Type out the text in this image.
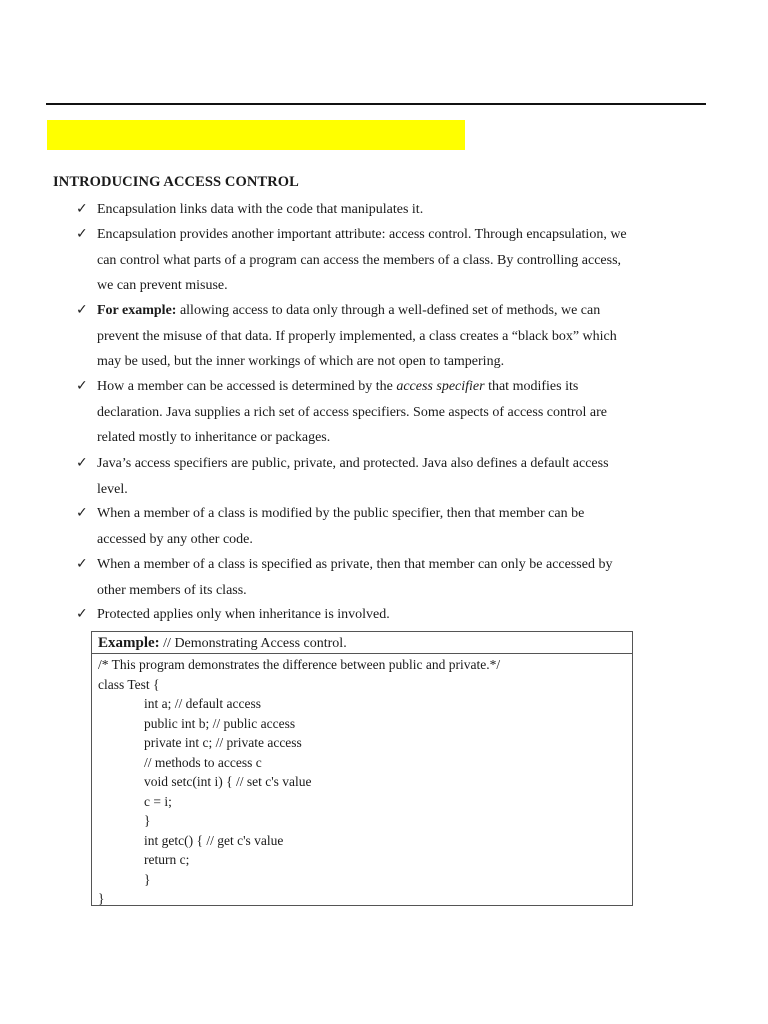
INTRODUCING ACCESS CONTROL
✓ Encapsulation links data with the code that manipulates it.
✓ Encapsulation provides another important attribute: access control. Through encapsulation, we can control what parts of a program can access the members of a class. By controlling access, we can prevent misuse.
✓ For example: allowing access to data only through a well-defined set of methods, we can prevent the misuse of that data. If properly implemented, a class creates a “black box” which may be used, but the inner workings of which are not open to tampering.
✓ How a member can be accessed is determined by the access specifier that modifies its declaration. Java supplies a rich set of access specifiers. Some aspects of access control are related mostly to inheritance or packages.
✓ Java’s access specifiers are public, private, and protected. Java also defines a default access level.
✓ When a member of a class is modified by the public specifier, then that member can be accessed by any other code.
✓ When a member of a class is specified as private, then that member can only be accessed by other members of its class.
✓ Protected applies only when inheritance is involved.
Example: // Demonstrating Access control.
/* This program demonstrates the difference between public and private.*/
class Test {
int a; // default access
public int b; // public access
private int c; // private access
// methods to access c
void setc(int i) { // set c's value
c = i;
}
int getc() { // get c's value
return c;
}
}
